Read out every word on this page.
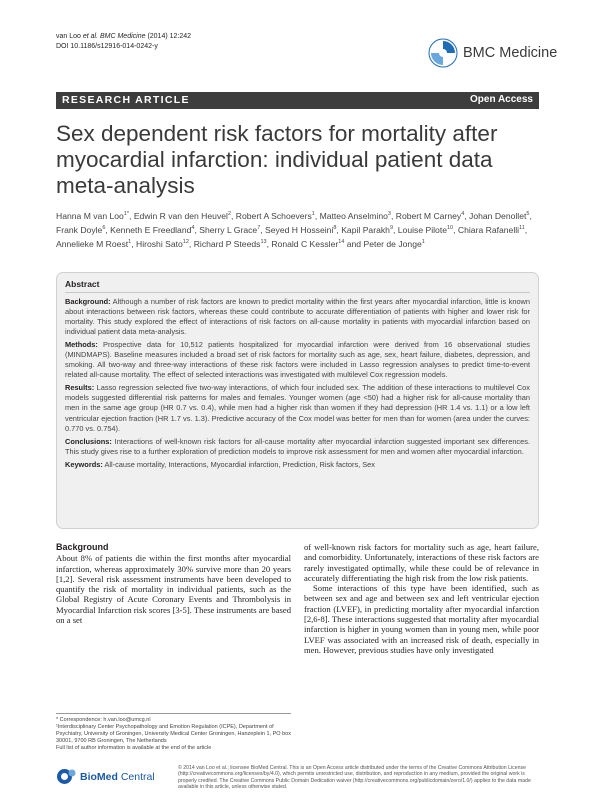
van Loo et al. BMC Medicine (2014) 12:242
DOI 10.1186/s12916-014-0242-y	BMC Medicine
RESEARCH ARTICLE	Open Access
Sex dependent risk factors for mortality after myocardial infarction: individual patient data meta-analysis
Hanna M van Loo$^{1*}$, Edwin R van den Heuvel$^2$, Robert A Schoevers$^1$, Matteo Anselmino$^3$, Robert M Carney$^4$, Johan Denollet$^5$, Frank Doyle$^6$, Kenneth E Freedland$^4$, Sherry L Grace$^7$, Seyed H Hosseini$^8$, Kapil Parakh$^9$, Louise Pilote$^{10}$, Chiara Rafanelli$^{11}$, Annelieke M Roest$^1$, Hiroshi Sato$^{12}$, Richard P Steeds$^{13}$, Ronald C Kessler$^{14}$ and Peter de Jonge$^1$
Abstract

Background: Although a number of risk factors are known to predict mortality within the first years after myocardial infarction, little is known about interactions between risk factors, whereas these could contribute to accurate differentiation of patients with higher and lower risk for mortality. This study explored the effect of interactions of risk factors on all-cause mortality in patients with myocardial infarction based on individual patient data meta-analysis.

Methods: Prospective data for 10,512 patients hospitalized for myocardial infarction were derived from 16 observational studies (MINDMAPS). Baseline measures included a broad set of risk factors for mortality such as age, sex, heart failure, diabetes, depression, and smoking. All two-way and three-way interactions of these risk factors were included in Lasso regression analyses to predict time-to-event related all-cause mortality. The effect of selected interactions was investigated with multilevel Cox regression models.

Results: Lasso regression selected five two-way interactions, of which four included sex. The addition of these interactions to multilevel Cox models suggested differential risk patterns for males and females. Younger women (age <50) had a higher risk for all-cause mortality than men in the same age group (HR 0.7 vs. 0.4), while men had a higher risk than women if they had depression (HR 1.4 vs. 1.1) or a low left ventricular ejection fraction (HR 1.7 vs. 1.3). Predictive accuracy of the Cox model was better for men than for women (area under the curves: 0.770 vs. 0.754).

Conclusions: Interactions of well-known risk factors for all-cause mortality after myocardial infarction suggested important sex differences. This study gives rise to a further exploration of prediction models to improve risk assessment for men and women after myocardial infarction.

Keywords: All-cause mortality, Interactions, Myocardial infarction, Prediction, Risk factors, Sex

Background

About 8% of patients die within the first months after myocardial infarction, whereas approximately 30% survive more than 20 years [1,2]. Several risk assessment instruments have been developed to quantify the risk of mortality in individual patients, such as the Global Registry of Acute Coronary Events and Thrombolysis in Myocardial Infarction risk scores [3-5]. These instruments are based on a set

of well-known risk factors for mortality such as age, heart failure, and comorbidity. Unfortunately, interactions of these risk factors are rarely investigated optimally, while these could be of relevance in accurately differentiating the high risk from the low risk patients.

Some interactions of this type have been identified, such as between sex and age and between sex and left ventricular ejection fraction (LVEF), in predicting mortality after myocardial infarction [2,6-8]. These interactions suggested that mortality after myocardial infarction is higher in young women than in young men, while poor LVEF was associated with an increased risk of death, especially in men. However, previous studies have only investigated

* Correspondence: h.van.loo@umcg.nl
¹Interdisciplinary Center Psychopathology and Emotion Regulation (ICPE), Department of Psychiatry, University of Groningen, University Medical Center Groningen, Hanzeplein 1, PO box 30001, 9700 RB Groningen, The Netherlands
Full list of author information is available at the end of the article
BioMed Central
© 2014 van Loo et al.; licensee BioMed Central. This is an Open Access article distributed under the terms of the Creative Commons Attribution License (http://creativecommons.org/licenses/by/4.0), which permits unrestricted use, distribution, and reproduction in any medium, provided the original work is properly credited. The Creative Commons Public Domain Dedication waiver (http://creativecommons.org/publicdomain/zero/1.0/) applies to the data made available in this article, unless otherwise stated.
